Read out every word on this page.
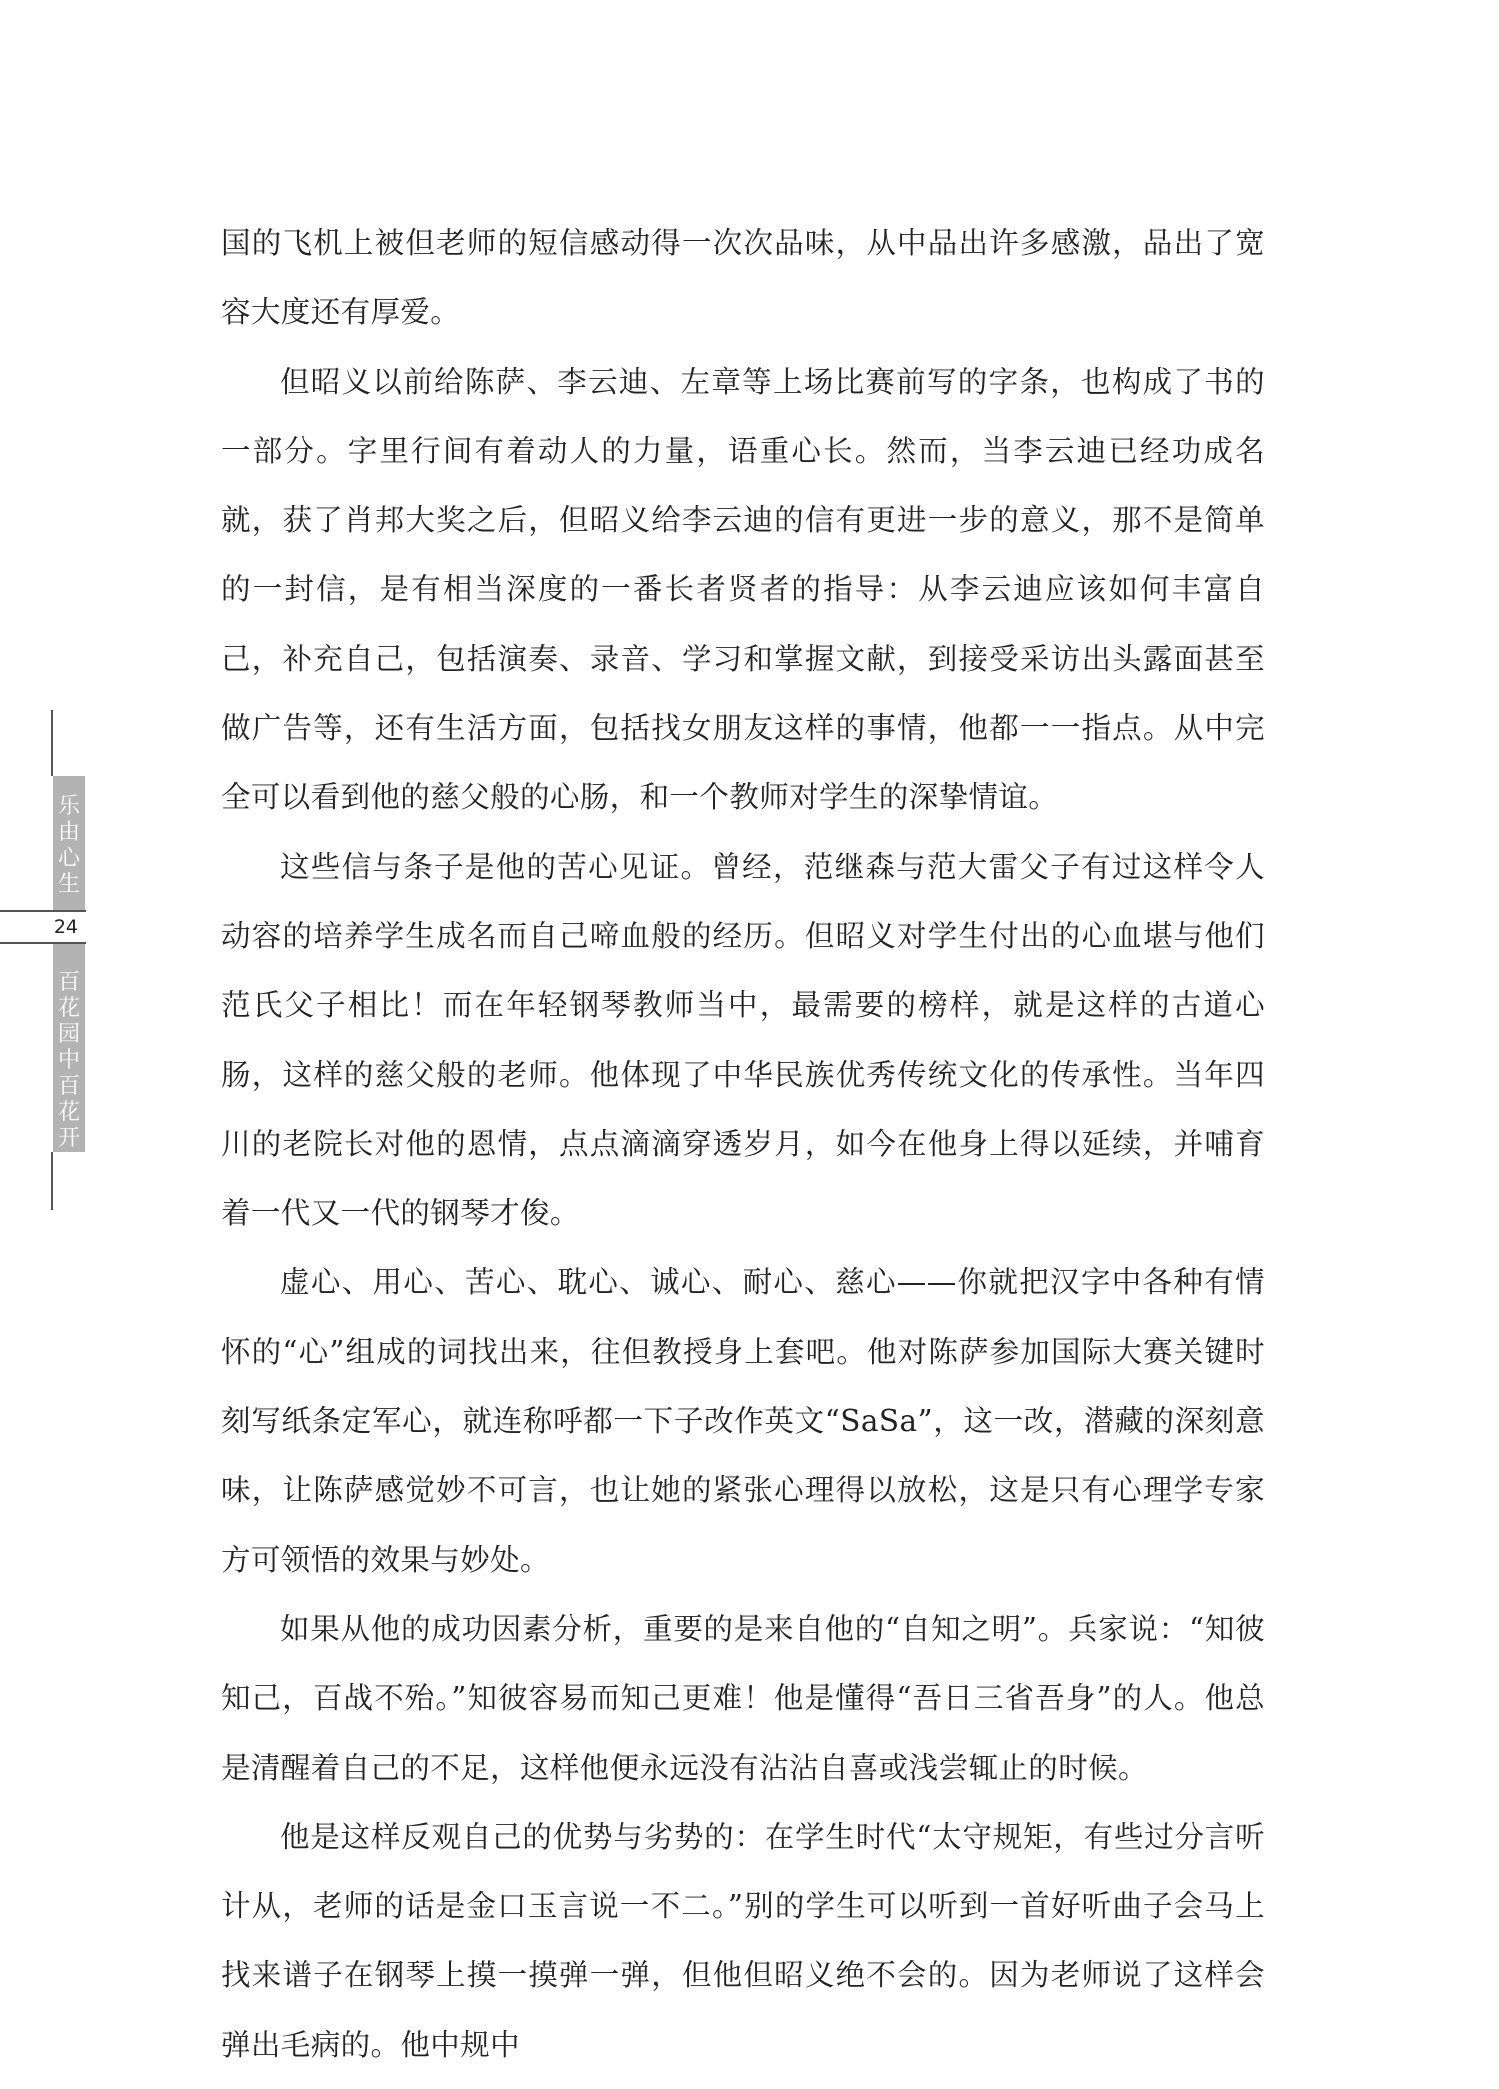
乐
由
心
生
24
百
花
园
中
百
花
开

国的飞机上被但老师的短信感动得一次次品味，从中品出许多感激，品出了宽容大度还有厚爱。

但昭义以前给陈萨、李云迪、左章等上场比赛前写的字条，也构成了书的一部分。字里行间有着动人的力量，语重心长。然而，当李云迪已经功成名就，获了肖邦大奖之后，但昭义给李云迪的信有更进一步的意义，那不是简单的一封信，是有相当深度的一番长者贤者的指导：从李云迪应该如何丰富自己，补充自己，包括演奏、录音、学习和掌握文献，到接受采访出头露面甚至做广告等，还有生活方面，包括找女朋友这样的事情，他都一一指点。从中完全可以看到他的慈父般的心肠，和一个教师对学生的深挚情谊。

这些信与条子是他的苦心见证。曾经，范继森与范大雷父子有过这样令人动容的培养学生成名而自己啼血般的经历。但昭义对学生付出的心血堪与他们范氏父子相比！而在年轻钢琴教师当中，最需要的榜样，就是这样的古道心肠，这样的慈父般的老师。他体现了中华民族优秀传统文化的传承性。当年四川的老院长对他的恩情，点点滴滴穿透岁月，如今在他身上得以延续，并哺育着一代又一代的钢琴才俊。

虚心、用心、苦心、耽心、诚心、耐心、慈心——你就把汉字中各种有情怀的“心”组成的词找出来，往但教授身上套吧。他对陈萨参加国际大赛关键时刻写纸条定军心，就连称呼都一下子改作英文“SaSa”，这一改，潜藏的深刻意味，让陈萨感觉妙不可言，也让她的紧张心理得以放松，这是只有心理学专家方可领悟的效果与妙处。

如果从他的成功因素分析，重要的是来自他的“自知之明”。兵家说：“知彼知己，百战不殆。”知彼容易而知己更难！他是懂得“吾日三省吾身”的人。他总是清醒着自己的不足，这样他便永远没有沾沾自喜或浅尝辄止的时候。

他是这样反观自己的优势与劣势的：在学生时代“太守规矩，有些过分言听计从，老师的话是金口玉言说一不二。”别的学生可以听到一首好听曲子会马上找来谱子在钢琴上摸一摸弹一弹，但他但昭义绝不会的。因为老师说了这样会弹出毛病的。他中规中
